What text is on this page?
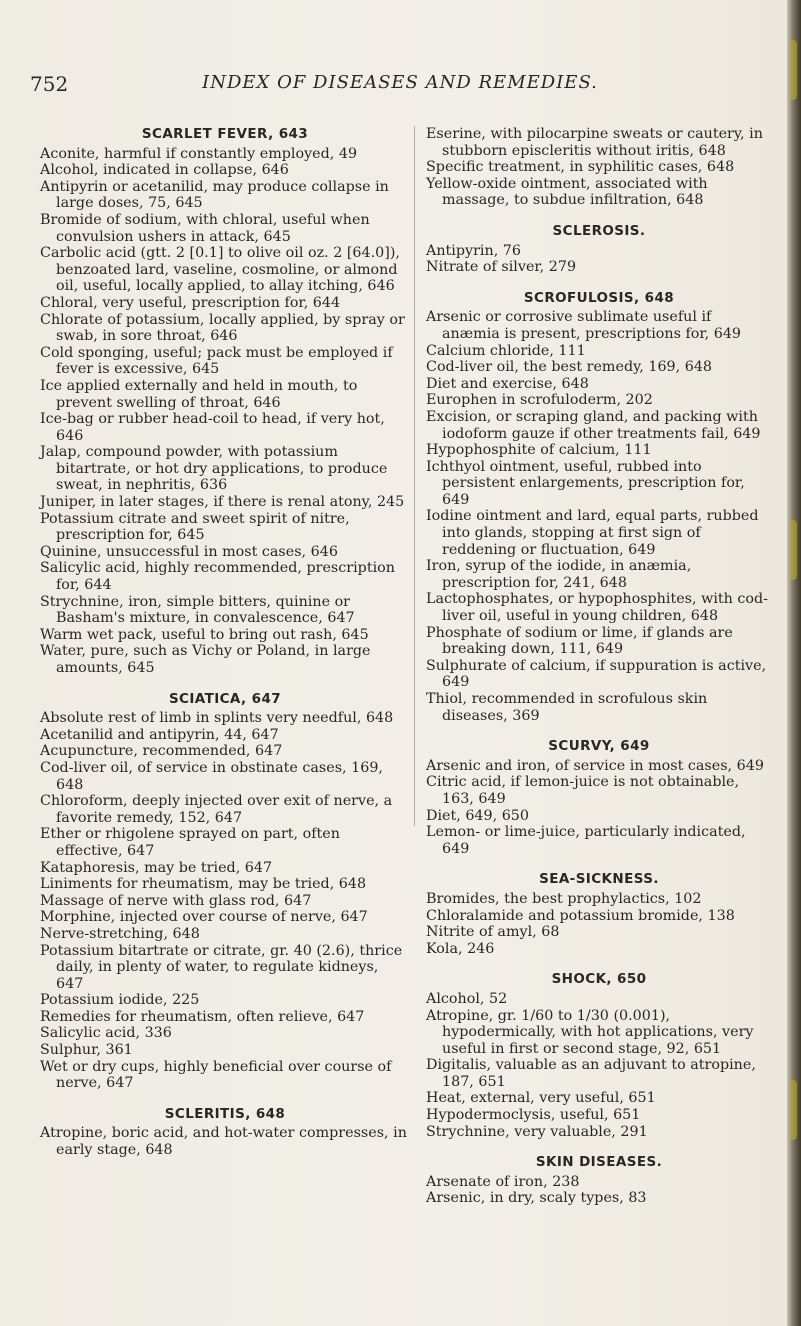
752	INDEX OF DISEASES AND REMEDIES.
SCARLET FEVER, 643

Aconite, harmful if constantly employed, 49

Alcohol, indicated in collapse, 646

Antipyrin or acetanilid, may produce collapse in large doses, 75, 645

Bromide of sodium, with chloral, useful when convulsion ushers in attack, 645

Carbolic acid (gtt. 2 [0.1] to olive oil oz. 2 [64.0]), benzoated lard, vaseline, cosmoline, or almond oil, useful, locally applied, to allay itching, 646

Chloral, very useful, prescription for, 644

Chlorate of potassium, locally applied, by spray or swab, in sore throat, 646

Cold sponging, useful; pack must be employed if fever is excessive, 645

Ice applied externally and held in mouth, to prevent swelling of throat, 646

Ice-bag or rubber head-coil to head, if very hot, 646

Jalap, compound powder, with potassium bitartrate, or hot dry applications, to produce sweat, in nephritis, 636

Juniper, in later stages, if there is renal atony, 245

Potassium citrate and sweet spirit of nitre, prescription for, 645

Quinine, unsuccessful in most cases, 646

Salicylic acid, highly recommended, prescription for, 644

Strychnine, iron, simple bitters, quinine or Basham's mixture, in convalescence, 647

Warm wet pack, useful to bring out rash, 645

Water, pure, such as Vichy or Poland, in large amounts, 645

SCIATICA, 647

Absolute rest of limb in splints very needful, 648

Acetanilid and antipyrin, 44, 647

Acupuncture, recommended, 647

Cod-liver oil, of service in obstinate cases, 169, 648

Chloroform, deeply injected over exit of nerve, a favorite remedy, 152, 647

Ether or rhigolene sprayed on part, often effective, 647

Kataphoresis, may be tried, 647

Liniments for rheumatism, may be tried, 648

Massage of nerve with glass rod, 647

Morphine, injected over course of nerve, 647

Nerve-stretching, 648

Potassium bitartrate or citrate, gr. 40 (2.6), thrice daily, in plenty of water, to regulate kidneys, 647

Potassium iodide, 225

Remedies for rheumatism, often relieve, 647

Salicylic acid, 336

Sulphur, 361

Wet or dry cups, highly beneficial over course of nerve, 647

SCLERITIS, 648

Atropine, boric acid, and hot-water compresses, in early stage, 648

Eserine, with pilocarpine sweats or cautery, in stubborn episcleritis without iritis, 648

Specific treatment, in syphilitic cases, 648

Yellow-oxide ointment, associated with massage, to subdue infiltration, 648

SCLEROSIS.

Antipyrin, 76

Nitrate of silver, 279

SCROFULOSIS, 648

Arsenic or corrosive sublimate useful if anæmia is present, prescriptions for, 649

Calcium chloride, 111

Cod-liver oil, the best remedy, 169, 648

Diet and exercise, 648

Europhen in scrofuloderm, 202

Excision, or scraping gland, and packing with iodoform gauze if other treatments fail, 649

Hypophosphite of calcium, 111

Ichthyol ointment, useful, rubbed into persistent enlargements, prescription for, 649

Iodine ointment and lard, equal parts, rubbed into glands, stopping at first sign of reddening or fluctuation, 649

Iron, syrup of the iodide, in anæmia, prescription for, 241, 648

Lactophosphates, or hypophosphites, with cod-liver oil, useful in young children, 648

Phosphate of sodium or lime, if glands are breaking down, 111, 649

Sulphurate of calcium, if suppuration is active, 649

Thiol, recommended in scrofulous skin diseases, 369

SCURVY, 649

Arsenic and iron, of service in most cases, 649

Citric acid, if lemon-juice is not obtainable, 163, 649

Diet, 649, 650

Lemon- or lime-juice, particularly indicated, 649

SEA-SICKNESS.

Bromides, the best prophylactics, 102

Chloralamide and potassium bromide, 138

Nitrite of amyl, 68

Kola, 246

SHOCK, 650

Alcohol, 52

Atropine, gr. 1/60 to 1/30 (0.001), hypodermically, with hot applications, very useful in first or second stage, 92, 651

Digitalis, valuable as an adjuvant to atropine, 187, 651

Heat, external, very useful, 651

Hypodermoclysis, useful, 651

Strychnine, very valuable, 291

SKIN DISEASES.

Arsenate of iron, 238

Arsenic, in dry, scaly types, 83
